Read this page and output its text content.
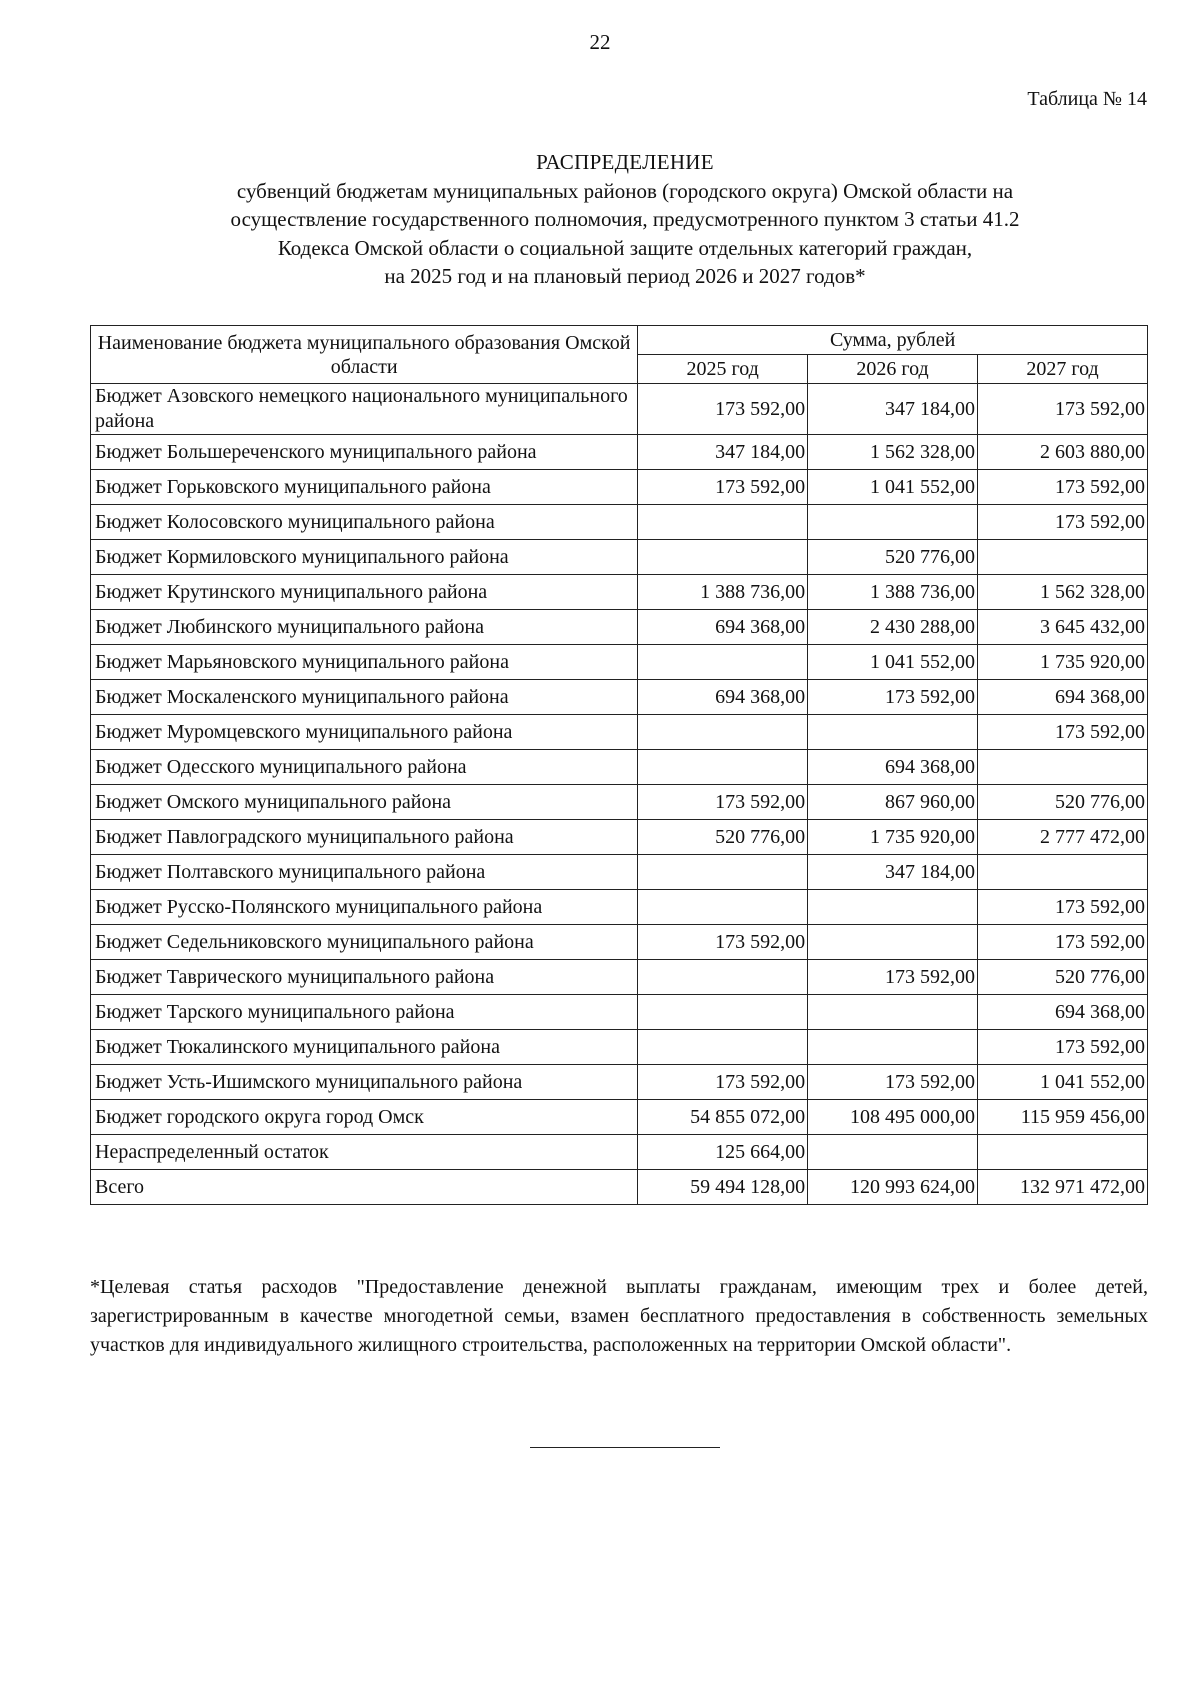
22
Таблица № 14
РАСПРЕДЕЛЕНИЕ
субвенций бюджетам муниципальных районов (городского округа) Омской области на
осуществление государственного полномочия, предусмотренного пунктом 3 статьи 41.2
Кодекса Омской области о социальной защите отдельных категорий граждан,
на 2025 год и на плановый период 2026 и 2027 годов*
Наименование бюджета муниципального образования Омской области	Сумма, рублей		
	2025 год	2026 год	2027 год
Бюджет Азовского немецкого национального муниципального района	173 592,00	347 184,00	173 592,00
Бюджет Большереченского муниципального района	347 184,00	1 562 328,00	2 603 880,00
Бюджет Горьковского муниципального района	173 592,00	1 041 552,00	173 592,00
Бюджет Колосовского муниципального района			173 592,00
Бюджет Кормиловского муниципального района		520 776,00	
Бюджет Крутинского муниципального района	1 388 736,00	1 388 736,00	1 562 328,00
Бюджет Любинского муниципального района	694 368,00	2 430 288,00	3 645 432,00
Бюджет Марьяновского муниципального района		1 041 552,00	1 735 920,00
Бюджет Москаленского муниципального района	694 368,00	173 592,00	694 368,00
Бюджет Муромцевского муниципального района			173 592,00
Бюджет Одесского муниципального района		694 368,00	
Бюджет Омского муниципального района	173 592,00	867 960,00	520 776,00
Бюджет Павлоградского муниципального района	520 776,00	1 735 920,00	2 777 472,00
Бюджет Полтавского муниципального района		347 184,00	
Бюджет Русско-Полянского муниципального района			173 592,00
Бюджет Седельниковского муниципального района	173 592,00		173 592,00
Бюджет Таврического муниципального района		173 592,00	520 776,00
Бюджет Тарского муниципального района			694 368,00
Бюджет Тюкалинского муниципального района			173 592,00
Бюджет Усть-Ишимского муниципального района	173 592,00	173 592,00	1 041 552,00
Бюджет городского округа город Омск	54 855 072,00	108 495 000,00	115 959 456,00
Нераспределенный остаток	125 664,00		
Всего	59 494 128,00	120 993 624,00	132 971 472,00
*Целевая статья расходов "Предоставление денежной выплаты гражданам, имеющим трех и более детей, зарегистрированным в качестве многодетной семьи, взамен бесплатного предоставления в собственность земельных участков для индивидуального жилищного строительства, расположенных на территории Омской области".
